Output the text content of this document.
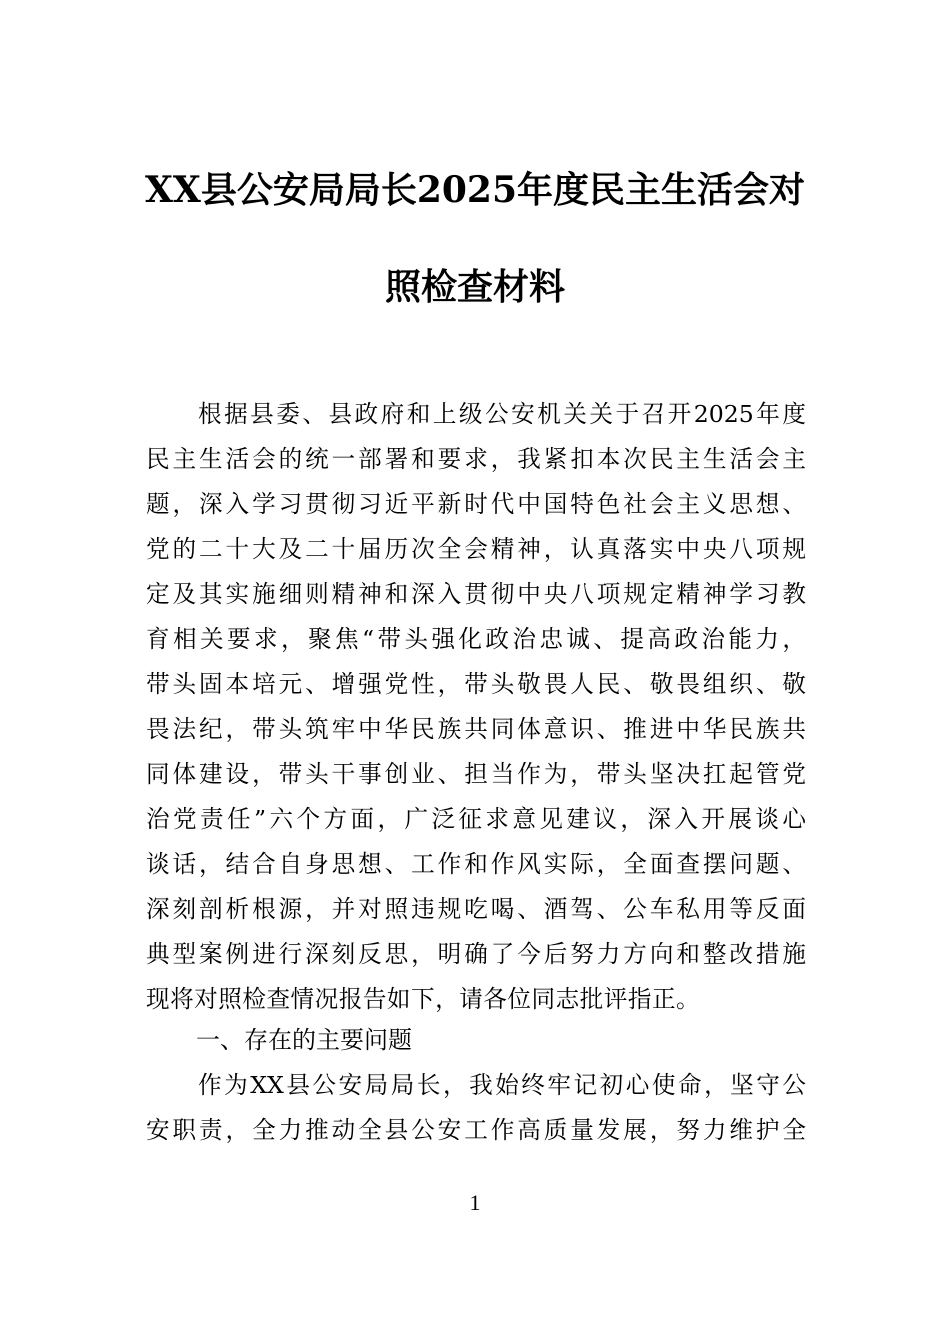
XX县公安局局长2025年度民主生活会对
照检查材料
根据县委、县政府和上级公安机关关于召开2025年度
民主生活会的统一部署和要求，我紧扣本次民主生活会主
题，深入学习贯彻习近平新时代中国特色社会主义思想、
党的二十大及二十届历次全会精神，认真落实中央八项规
定及其实施细则精神和深入贯彻中央八项规定精神学习教
育相关要求，聚焦“带头强化政治忠诚、提高政治能力，
带头固本培元、增强党性，带头敬畏人民、敬畏组织、敬
畏法纪，带头筑牢中华民族共同体意识、推进中华民族共
同体建设，带头干事创业、担当作为，带头坚决扛起管党
治党责任”六个方面，广泛征求意见建议，深入开展谈心
谈话，结合自身思想、工作和作风实际，全面查摆问题、
深刻剖析根源，并对照违规吃喝、酒驾、公车私用等反面
典型案例进行深刻反思，明确了今后努力方向和整改措施
现将对照检查情况报告如下，请各位同志批评指正。
一、存在的主要问题
作为XX县公安局局长，我始终牢记初心使命，坚守公
安职责，全力推动全县公安工作高质量发展，努力维护全
1
